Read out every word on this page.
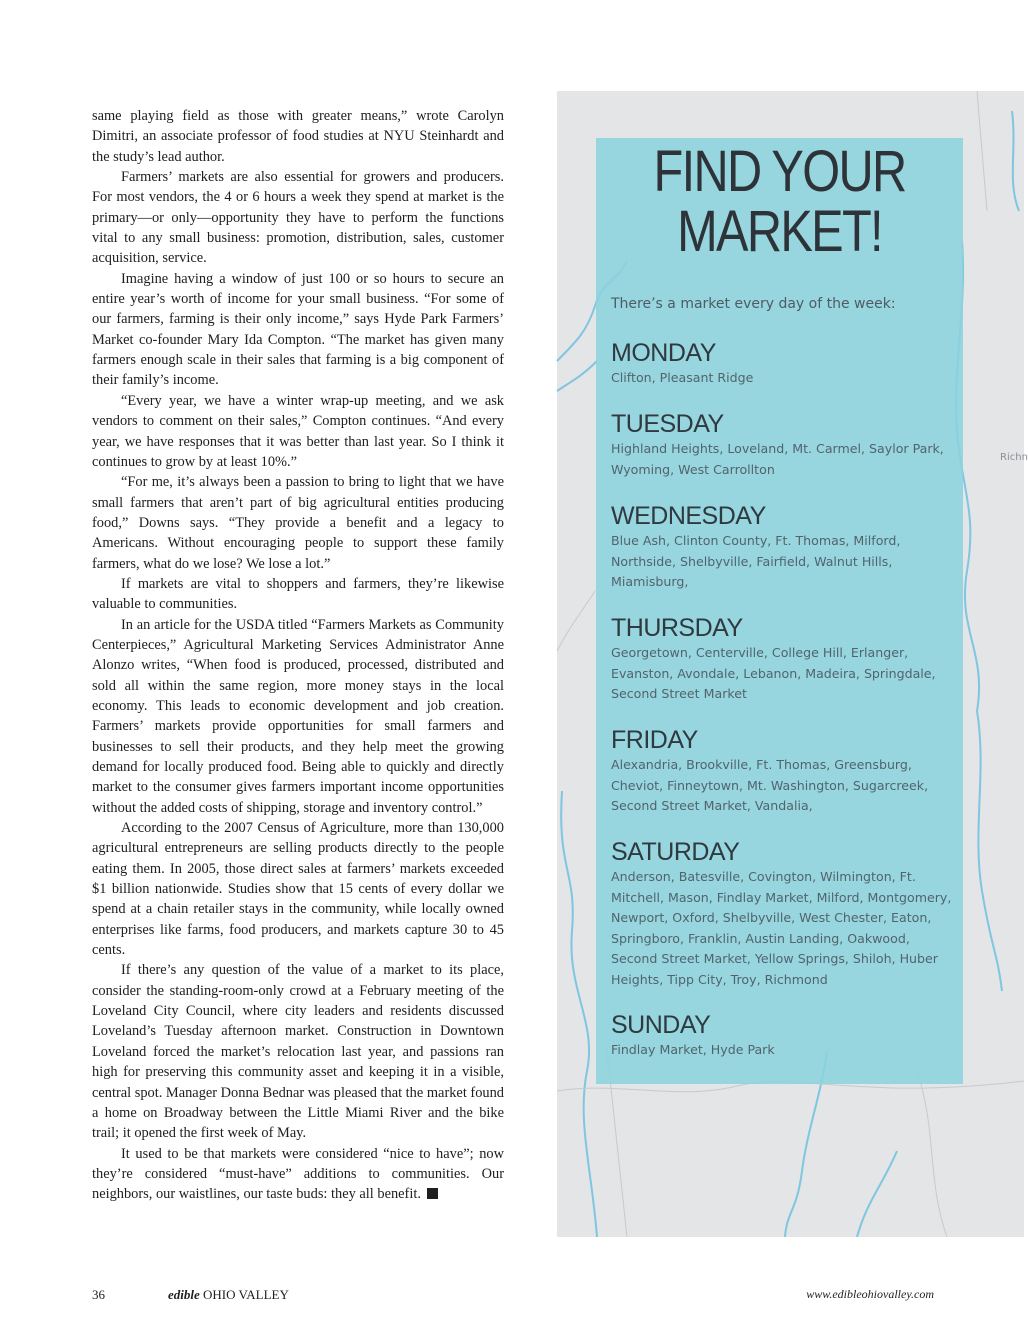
same playing field as those with greater means,” wrote Carolyn Dimitri, an associate professor of food studies at NYU Steinhardt and the study’s lead author.

Farmers’ markets are also essential for growers and producers. For most vendors, the 4 or 6 hours a week they spend at market is the primary—or only—opportunity they have to perform the functions vital to any small business: promotion, distribution, sales, customer acquisition, service.

Imagine having a window of just 100 or so hours to secure an entire year’s worth of income for your small business. “For some of our farmers, farming is their only income,” says Hyde Park Farmers’ Market co-founder Mary Ida Compton. “The market has given many farmers enough scale in their sales that farming is a big component of their family’s income.

“Every year, we have a winter wrap-up meeting, and we ask vendors to comment on their sales,” Compton continues. “And every year, we have responses that it was better than last year. So I think it continues to grow by at least 10%.”

“For me, it’s always been a passion to bring to light that we have small farmers that aren’t part of big agricultural entities producing food,” Downs says. “They provide a benefit and a legacy to Americans. Without encouraging people to support these family farmers, what do we lose? We lose a lot.”

If markets are vital to shoppers and farmers, they’re likewise valuable to communities.

In an article for the USDA titled “Farmers Markets as Community Centerpieces,” Agricultural Marketing Services Administrator Anne Alonzo writes, “When food is produced, processed, distributed and sold all within the same region, more money stays in the local economy. This leads to economic development and job creation. Farmers’ markets provide opportunities for small farmers and businesses to sell their products, and they help meet the growing demand for locally produced food. Being able to quickly and directly market to the consumer gives farmers important income opportunities without the added costs of shipping, storage and inventory control.”

According to the 2007 Census of Agriculture, more than 130,000 agricultural entrepreneurs are selling products directly to the people eating them. In 2005, those direct sales at farmers’ markets exceeded $1 billion nationwide. Studies show that 15 cents of every dollar we spend at a chain retailer stays in the community, while locally owned enterprises like farms, food producers, and markets capture 30 to 45 cents.

If there’s any question of the value of a market to its place, consider the standing-room-only crowd at a February meeting of the Loveland City Council, where city leaders and residents discussed Loveland’s Tuesday afternoon market. Construction in Downtown Loveland forced the market’s relocation last year, and passions ran high for preserving this community asset and keeping it in a visible, central spot. Manager Donna Bednar was pleased that the market found a home on Broadway between the Little Miami River and the bike trail; it opened the first week of May.

It used to be that markets were considered “nice to have”; now they’re considered “must-have” additions to communities. Our neighbors, our waistlines, our taste buds: they all benefit.

Richn
FIND YOUR
MARKET!
There’s a market every day of the week:
MONDAY
Clifton, Pleasant Ridge
TUESDAY
Highland Heights, Loveland, Mt. Carmel, Saylor Park, Wyoming, West Carrollton
WEDNESDAY
Blue Ash, Clinton County, Ft. Thomas, Milford, Northside, Shelbyville, Fairfield, Walnut Hills, Miamisburg,
THURSDAY
Georgetown, Centerville, College Hill, Erlanger, Evanston, Avondale, Lebanon, Madeira, Springdale, Second Street Market
FRIDAY
Alexandria, Brookville, Ft. Thomas, Greensburg, Cheviot, Finneytown, Mt. Washington, Sugarcreek, Second Street Market, Vandalia,
SATURDAY
Anderson, Batesville, Covington, Wilmington, Ft. Mitchell, Mason, Findlay Market, Milford, Montgomery, Newport, Oxford, Shelbyville, West Chester, Eaton, Springboro, Franklin, Austin Landing, Oakwood, Second Street Market, Yellow Springs, Shiloh, Huber Heights, Tipp City, Troy, Richmond
SUNDAY
Findlay Market, Hyde Park
36	edible OHIO VALLEY	www.edibleohiovalley.com
